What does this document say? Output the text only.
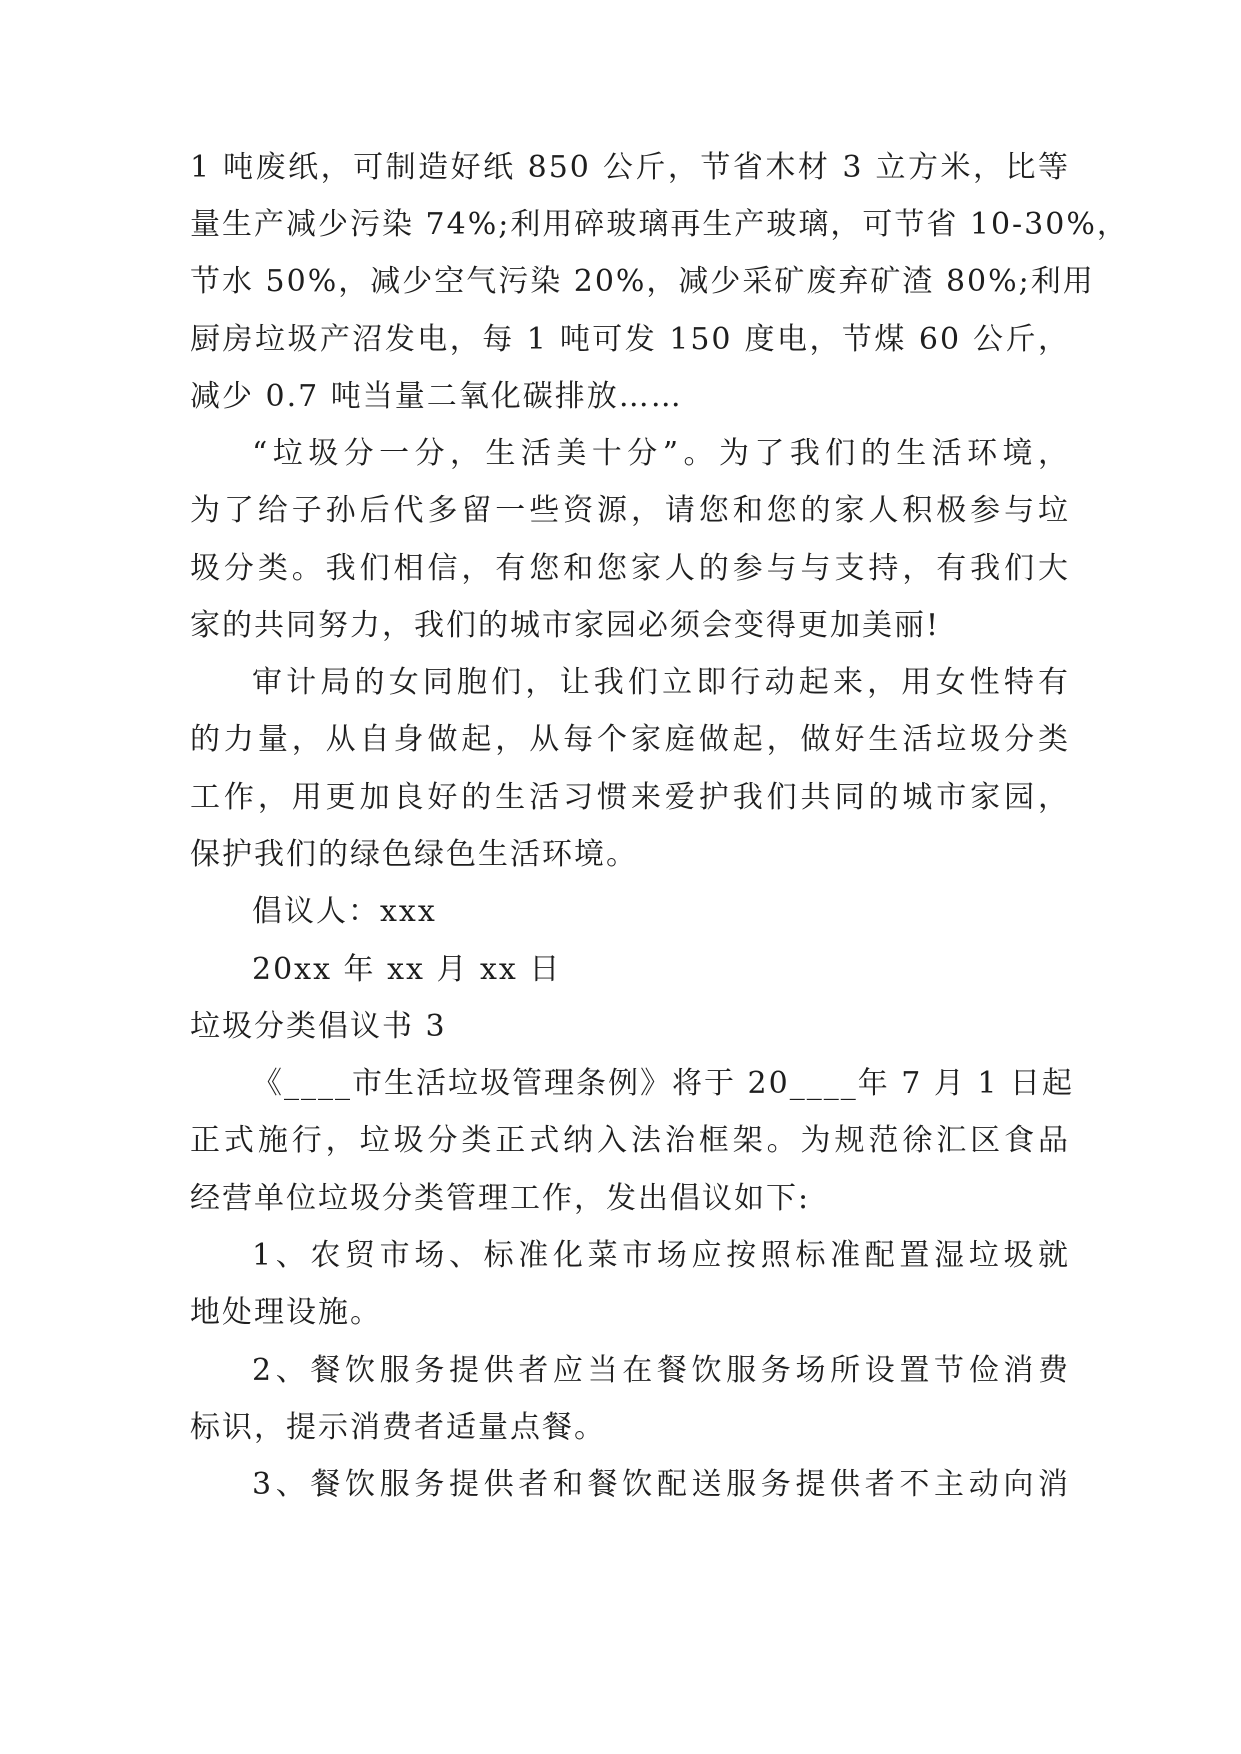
1 吨废纸，可制造好纸 850 公斤，节省木材 3 立方米，比等
量生产减少污染 74%;利用碎玻璃再生产玻璃，可节省 10-30%，
节水 50%，减少空气污染 20%，减少采矿废弃矿渣 80%;利用
厨房垃圾产沼发电，每 1 吨可发 150 度电，节煤 60 公斤，
减少 0.7 吨当量二氧化碳排放……
“垃圾分一分，生活美十分”。为了我们的生活环境，
为了给子孙后代多留一些资源，请您和您的家人积极参与垃
圾分类。我们相信，有您和您家人的参与与支持，有我们大
家的共同努力，我们的城市家园必须会变得更加美丽!
审计局的女同胞们，让我们立即行动起来，用女性特有
的力量，从自身做起，从每个家庭做起，做好生活垃圾分类
工作，用更加良好的生活习惯来爱护我们共同的城市家园，
保护我们的绿色绿色生活环境。
倡议人：xxx
20xx 年 xx 月 xx 日
垃圾分类倡议书 3
《____市生活垃圾管理条例》将于 20____年 7 月 1 日起
正式施行，垃圾分类正式纳入法治框架。为规范徐汇区食品
经营单位垃圾分类管理工作，发出倡议如下:
1、农贸市场、标准化菜市场应按照标准配置湿垃圾就
地处理设施。
2、餐饮服务提供者应当在餐饮服务场所设置节俭消费
标识，提示消费者适量点餐。
3、餐饮服务提供者和餐饮配送服务提供者不主动向消
